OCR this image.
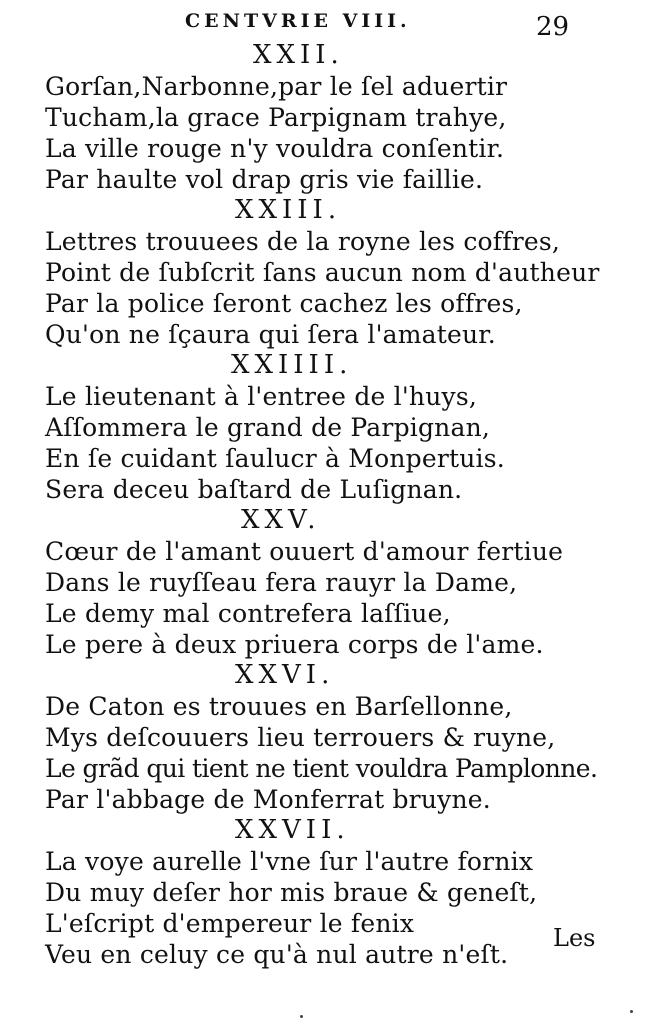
CENTVRIE VIII.	29
XXII.
Gorſan,Narbonne,par le ſel aduertir
Tucham,la grace Parpignam trahye,
La ville rouge n'y vouldra conſentir.
Par haulte vol drap gris vie faillie.
XXIII.
Lettres trouuees de la royne les coffres,
Point de ſubſcrit ſans aucun nom d'autheur
Par la police ſeront cachez les offres,
Qu'on ne ſçaura qui ſera l'amateur.
XXIIII.
Le lieutenant à l'entree de l'huys,
Aſſommera le grand de Parpignan,
En ſe cuidant ſaulucr à Monpertuis.
Sera deceu baſtard de Luſignan.
XXV.
Cœur de l'amant ouuert d'amour fertiue
Dans le ruyſſeau fera rauyr la Dame,
Le demy mal contrefera laſſiue,
Le pere à deux priuera corps de l'ame.
XXVI.
De Caton es trouues en Barſellonne,
Mys deſcouuers lieu terrouers & ruyne,
Le grãd qui tient ne tient vouldra Pamplonne.
Par l'abbage de Monferrat bruyne.
XXVII.
La voye aurelle l'vne ſur l'autre fornix
Du muy deſer hor mis braue & geneſt,
L'eſcript d'empereur le fenix
Veu en celuy ce qu'à nul autre n'eſt.
Les
